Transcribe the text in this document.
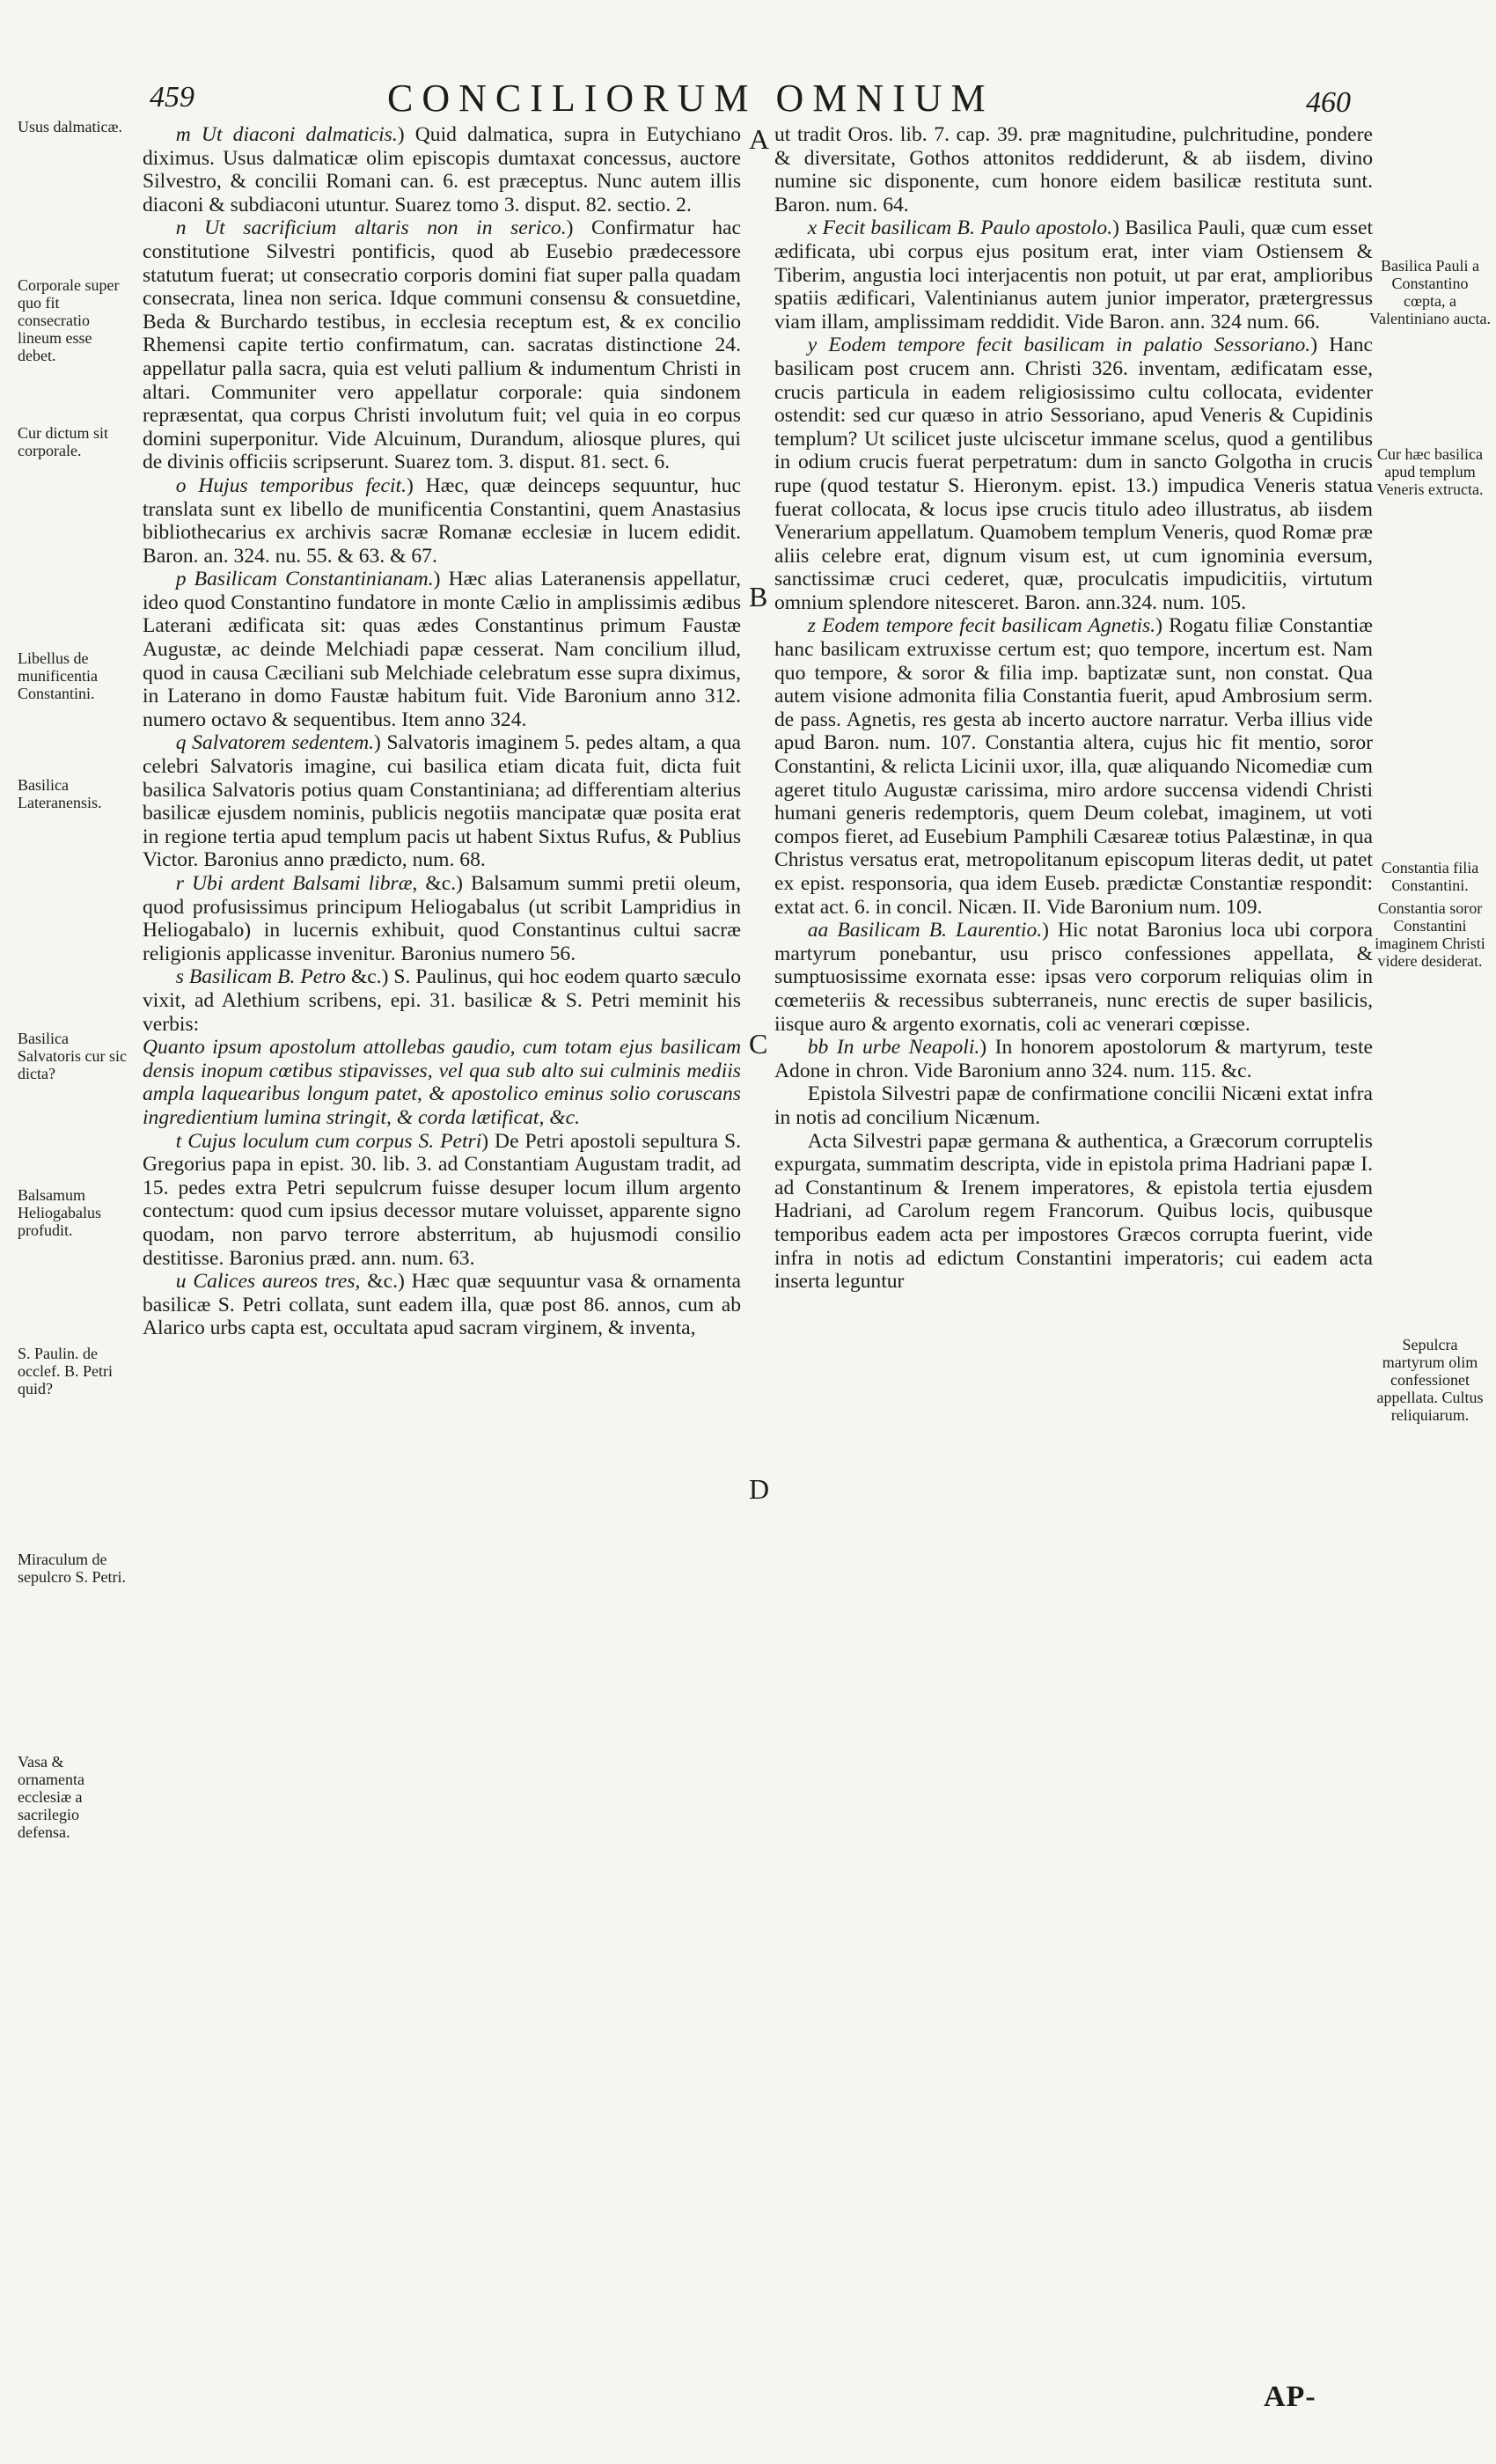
459	CONCILIORUM OMNIUM	460
Usus dalmaticæ.
Corporale super quo fit consecratio lineum esse debet.
Cur dictum sit corporale.
Libellus de munificentia Constantini.
Basilica Lateranensis.
Basilica Salvatoris cur sic dicta?
Balsamum Heliogabalus profudit.
S. Paulin. de occlef. B. Petri quid?
Miraculum de sepulcro S. Petri.
Vasa & ornamenta ecclesiæ a sacrilegio defensa.
Basilica Pauli a Constantino cœpta, a Valentiniano aucta.
Cur hæc basilica apud templum Veneris extructa.
Constantia filia Constantini.
Constantia soror Constantini imaginem Christi videre desiderat.
Sepulcra martyrum olim confessionet appellata. Cultus reliquiarum.
A
B
C
D

m Ut diaconi dalmaticis.) Quid dalmatica, supra in Eutychiano diximus. Usus dalmaticæ olim episcopis dumtaxat concessus, auctore Silvestro, & concilii Romani can. 6. est præceptus. Nunc autem illis diaconi & subdiaconi utuntur. Suarez tomo 3. disput. 82. sectio. 2.

n Ut sacrificium altaris non in serico.) Confirmatur hac constitutione Silvestri pontificis, quod ab Eusebio prædecessore statutum fuerat; ut consecratio corporis domini fiat super palla quadam consecrata, linea non serica. Idque communi consensu & consuetdine, Beda & Burchardo testibus, in ecclesia receptum est, & ex concilio Rhemensi capite tertio confirmatum, can. sacratas distinctione 24. appellatur palla sacra, quia est veluti pallium & indumentum Christi in altari. Communiter vero appellatur corporale: quia sindonem repræsentat, qua corpus Christi involutum fuit; vel quia in eo corpus domini superponitur. Vide Alcuinum, Durandum, aliosque plures, qui de divinis officiis scripserunt. Suarez tom. 3. disput. 81. sect. 6.

o Hujus temporibus fecit.) Hæc, quæ deinceps sequuntur, huc translata sunt ex libello de munificentia Constantini, quem Anastasius bibliothecarius ex archivis sacræ Romanæ ecclesiæ in lucem edidit. Baron. an. 324. nu. 55. & 63. & 67.

p Basilicam Constantinianam.) Hæc alias Lateranensis appellatur, ideo quod Constantino fundatore in monte Cælio in amplissimis ædibus Laterani ædificata sit: quas ædes Constantinus primum Faustæ Augustæ, ac deinde Melchiadi papæ cesserat. Nam concilium illud, quod in causa Cæciliani sub Melchiade celebratum esse supra diximus, in Laterano in domo Faustæ habitum fuit. Vide Baronium anno 312. numero octavo & sequentibus. Item anno 324.

q Salvatorem sedentem.) Salvatoris imaginem 5. pedes altam, a qua celebri Salvatoris imagine, cui basilica etiam dicata fuit, dicta fuit basilica Salvatoris potius quam Constantiniana; ad differentiam alterius basilicæ ejusdem nominis, publicis negotiis mancipatæ quæ posita erat in regione tertia apud templum pacis ut habent Sixtus Rufus, & Publius Victor. Baronius anno prædicto, num. 68.

r Ubi ardent Balsami libræ, &c.) Balsamum summi pretii oleum, quod profusissimus principum Heliogabalus (ut scribit Lampridius in Heliogabalo) in lucernis exhibuit, quod Constantinus cultui sacræ religionis applicasse invenitur. Baronius numero 56.

s Basilicam B. Petro &c.) S. Paulinus, qui hoc eodem quarto sæculo vixit, ad Alethium scribens, epi. 31. basilicæ & S. Petri meminit his verbis:

Quanto ipsum apostolum attollebas gaudio, cum totam ejus basilicam densis inopum cœtibus stipavisses, vel qua sub alto sui culminis mediis ampla laquearibus longum patet, & apostolico eminus solio coruscans ingredientium lumina stringit, & corda lætificat, &c.

t Cujus loculum cum corpus S. Petri) De Petri apostoli sepultura S. Gregorius papa in epist. 30. lib. 3. ad Constantiam Augustam tradit, ad 15. pedes extra Petri sepulcrum fuisse desuper locum illum argento contectum: quod cum ipsius decessor mutare voluisset, apparente signo quodam, non parvo terrore absterritum, ab hujusmodi consilio destitisse. Baronius præd. ann. num. 63.

u Calices aureos tres, &c.) Hæc quæ sequuntur vasa & ornamenta basilicæ S. Petri collata, sunt eadem illa, quæ post 86. annos, cum ab Alarico urbs capta est, occultata apud sacram virginem, & inventa,

ut tradit Oros. lib. 7. cap. 39. præ magnitudine, pulchritudine, pondere & diversitate, Gothos attonitos reddiderunt, & ab iisdem, divino numine sic disponente, cum honore eidem basilicæ restituta sunt. Baron. num. 64.

x Fecit basilicam B. Paulo apostolo.) Basilica Pauli, quæ cum esset ædificata, ubi corpus ejus positum erat, inter viam Ostiensem & Tiberim, angustia loci interjacentis non potuit, ut par erat, amplioribus spatiis ædificari, Valentinianus autem junior imperator, prætergressus viam illam, amplissimam reddidit. Vide Baron. ann. 324 num. 66.

y Eodem tempore fecit basilicam in palatio Sessoriano.) Hanc basilicam post crucem ann. Christi 326. inventam, ædificatam esse, crucis particula in eadem religiosissimo cultu collocata, evidenter ostendit: sed cur quæso in atrio Sessoriano, apud Veneris & Cupidinis templum? Ut scilicet juste ulciscetur immane scelus, quod a gentilibus in odium crucis fuerat perpetratum: dum in sancto Golgotha in crucis rupe (quod testatur S. Hieronym. epist. 13.) impudica Veneris statua fuerat collocata, & locus ipse crucis titulo adeo illustratus, ab iisdem Venerarium appellatum. Quamobem templum Veneris, quod Romæ præ aliis celebre erat, dignum visum est, ut cum ignominia eversum, sanctissimæ cruci cederet, quæ, proculcatis impudicitiis, virtutum omnium splendore nitesceret. Baron. ann.324. num. 105.

z Eodem tempore fecit basilicam Agnetis.) Rogatu filiæ Constantiæ hanc basilicam extruxisse certum est; quo tempore, incertum est. Nam quo tempore, & soror & filia imp. baptizatæ sunt, non constat. Qua autem visione admonita filia Constantia fuerit, apud Ambrosium serm. de pass. Agnetis, res gesta ab incerto auctore narratur. Verba illius vide apud Baron. num. 107. Constantia altera, cujus hic fit mentio, soror Constantini, & relicta Licinii uxor, illa, quæ aliquando Nicomediæ cum ageret titulo Augustæ carissima, miro ardore succensa videndi Christi humani generis redemptoris, quem Deum colebat, imaginem, ut voti compos fieret, ad Eusebium Pamphili Cæsareæ totius Palæstinæ, in qua Christus versatus erat, metropolitanum episcopum literas dedit, ut patet ex epist. responsoria, qua idem Euseb. prædictæ Constantiæ respondit: extat act. 6. in concil. Nicæn. II. Vide Baronium num. 109.

aa Basilicam B. Laurentio.) Hic notat Baronius loca ubi corpora martyrum ponebantur, usu prisco confessiones appellata, & sumptuosissime exornata esse: ipsas vero corporum reliquias olim in cœmeteriis & recessibus subterraneis, nunc erectis de super basilicis, iisque auro & argento exornatis, coli ac venerari cœpisse.

bb In urbe Neapoli.) In honorem apostolorum & martyrum, teste Adone in chron. Vide Baronium anno 324. num. 115. &c.

Epistola Silvestri papæ de confirmatione concilii Nicæni extat infra in notis ad concilium Nicænum.

Acta Silvestri papæ germana & authentica, a Græcorum corruptelis expurgata, summatim descripta, vide in epistola prima Hadriani papæ I. ad Constantinum & Irenem imperatores, & epistola tertia ejusdem Hadriani, ad Carolum regem Francorum. Quibus locis, quibusque temporibus eadem acta per impostores Græcos corrupta fuerint, vide infra in notis ad edictum Constantini imperatoris; cui eadem acta inserta leguntur

AP-
